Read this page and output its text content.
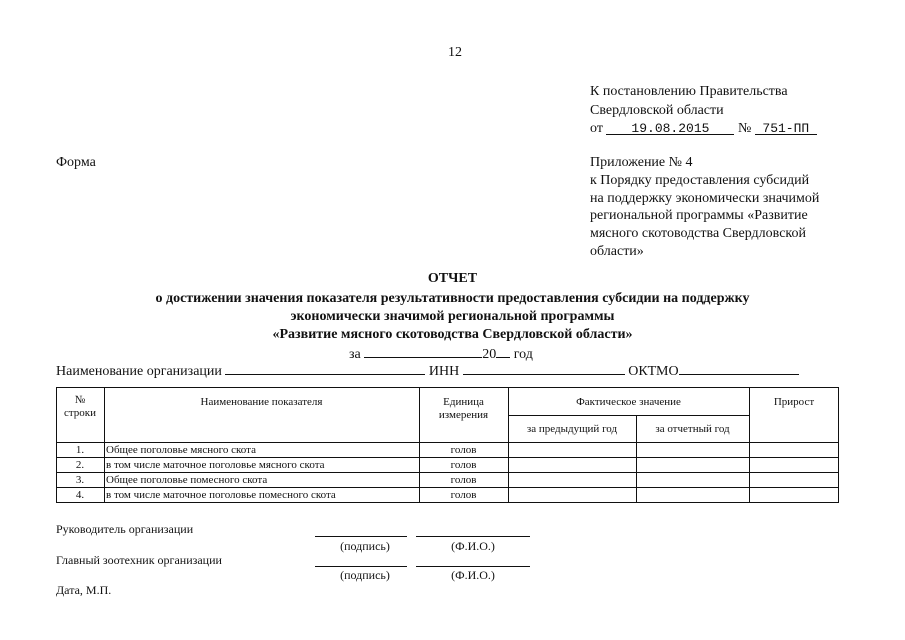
12
К постановлению Правительства
Свердловской области
от 19.08.2015 № 751-ПП
Форма	Приложение № 4
к Порядку предоставления субсидий
на поддержку экономически значимой
региональной программы «Развитие
мясного скотоводства Свердловской
области»
ОТЧЕТ
о достижении значения показателя результативности предоставления субсидии на поддержку
экономически значимой региональной программы
«Развитие мясного скотоводства Свердловской области»
за	20 год
Наименование организации	ИНН	ОКТМО
№
строки
Наименование показателя	Единица
измерения
Фактическое значение
за предыдущий год	за отчетный год
Прирост
1.	Общее поголовье мясного скота	голов
2.	в том числе маточное поголовье мясного скота	голов
3.	Общее поголовье помесного скота	голов
4.	в том числе маточное поголовье помесного скота	голов
Руководитель организации
(подпись)	(Ф.И.О.)
Главный зоотехник организации
(подпись)	(Ф.И.О.)
Дата, М.П.
